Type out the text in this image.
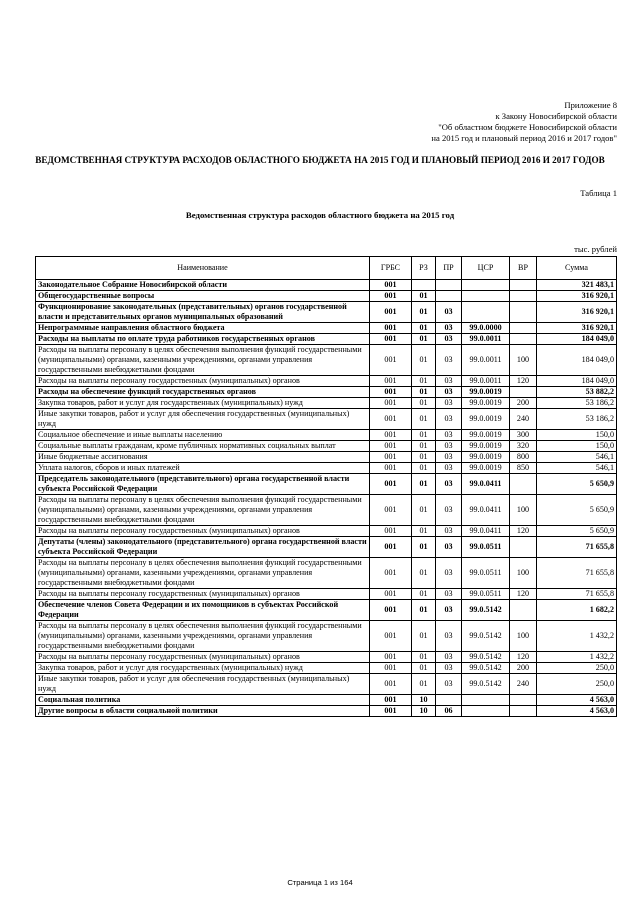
Приложение 8
к Закону Новосибирской области
"Об областном бюджете Новосибирской области
на 2015 год и плановый период 2016 и 2017 годов"
ВЕДОМСТВЕННАЯ СТРУКТУРА РАСХОДОВ ОБЛАСТНОГО БЮДЖЕТА НА 2015 ГОД И ПЛАНОВЫЙ ПЕРИОД 2016 И 2017 ГОДОВ
Таблица 1
Ведомственная структура расходов областного бюджета на 2015 год
тыс. рублей
Наименование	ГРБС	РЗ	ПР	ЦСР	ВР	Сумма
Законодательное Собрание Новосибирской области	001					321 483,1
Общегосударственные вопросы	001	01				316 920,1
Функционирование законодательных (представительных) органов государственной власти и представительных органов муниципальных образований	001	01	03			316 920,1
Непрограммные направления областного бюджета	001	01	03	99.0.0000		316 920,1
Расходы на выплаты по оплате труда работников государственных органов	001	01	03	99.0.0011		184 049,0
Расходы на выплаты персоналу в целях обеспечения выполнения функций государственными (муниципальными) органами, казенными учреждениями, органами управления государственными внебюджетными фондами	001	01	03	99.0.0011	100	184 049,0
Расходы на выплаты персоналу государственных (муниципальных) органов	001	01	03	99.0.0011	120	184 049,0
Расходы на обеспечение функций государственных органов	001	01	03	99.0.0019		53 882,2
Закупка товаров, работ и услуг для государственных (муниципальных) нужд	001	01	03	99.0.0019	200	53 186,2
Иные закупки товаров, работ и услуг для обеспечения государственных (муниципальных) нужд	001	01	03	99.0.0019	240	53 186,2
Социальное обеспечение и иные выплаты населению	001	01	03	99.0.0019	300	150,0
Социальные выплаты гражданам, кроме публичных нормативных социальных выплат	001	01	03	99.0.0019	320	150,0
Иные бюджетные ассигнования	001	01	03	99.0.0019	800	546,1
Уплата налогов, сборов и иных платежей	001	01	03	99.0.0019	850	546,1
Председатель законодательного (представительного) органа государственной власти субъекта Российской Федерации	001	01	03	99.0.0411		5 650,9
Расходы на выплаты персоналу в целях обеспечения выполнения функций государственными (муниципальными) органами, казенными учреждениями, органами управления государственными внебюджетными фондами	001	01	03	99.0.0411	100	5 650,9
Расходы на выплаты персоналу государственных (муниципальных) органов	001	01	03	99.0.0411	120	5 650,9
Депутаты (члены) законодательного (представительного) органа государственной власти субъекта Российской Федерации	001	01	03	99.0.0511		71 655,8
Расходы на выплаты персоналу в целях обеспечения выполнения функций государственными (муниципальными) органами, казенными учреждениями, органами управления государственными внебюджетными фондами	001	01	03	99.0.0511	100	71 655,8
Расходы на выплаты персоналу государственных (муниципальных) органов	001	01	03	99.0.0511	120	71 655,8
Обеспечение членов Совета Федерации и их помощников в субъектах Российской Федерации	001	01	03	99.0.5142		1 682,2
Расходы на выплаты персоналу в целях обеспечения выполнения функций государственными (муниципальными) органами, казенными учреждениями, органами управления государственными внебюджетными фондами	001	01	03	99.0.5142	100	1 432,2
Расходы на выплаты персоналу государственных (муниципальных) органов	001	01	03	99.0.5142	120	1 432,2
Закупка товаров, работ и услуг для государственных (муниципальных) нужд	001	01	03	99.0.5142	200	250,0
Иные закупки товаров, работ и услуг для обеспечения государственных (муниципальных) нужд	001	01	03	99.0.5142	240	250,0
Социальная политика	001	10				4 563,0
Другие вопросы в области социальной политики	001	10	06			4 563,0
Страница 1 из 164
